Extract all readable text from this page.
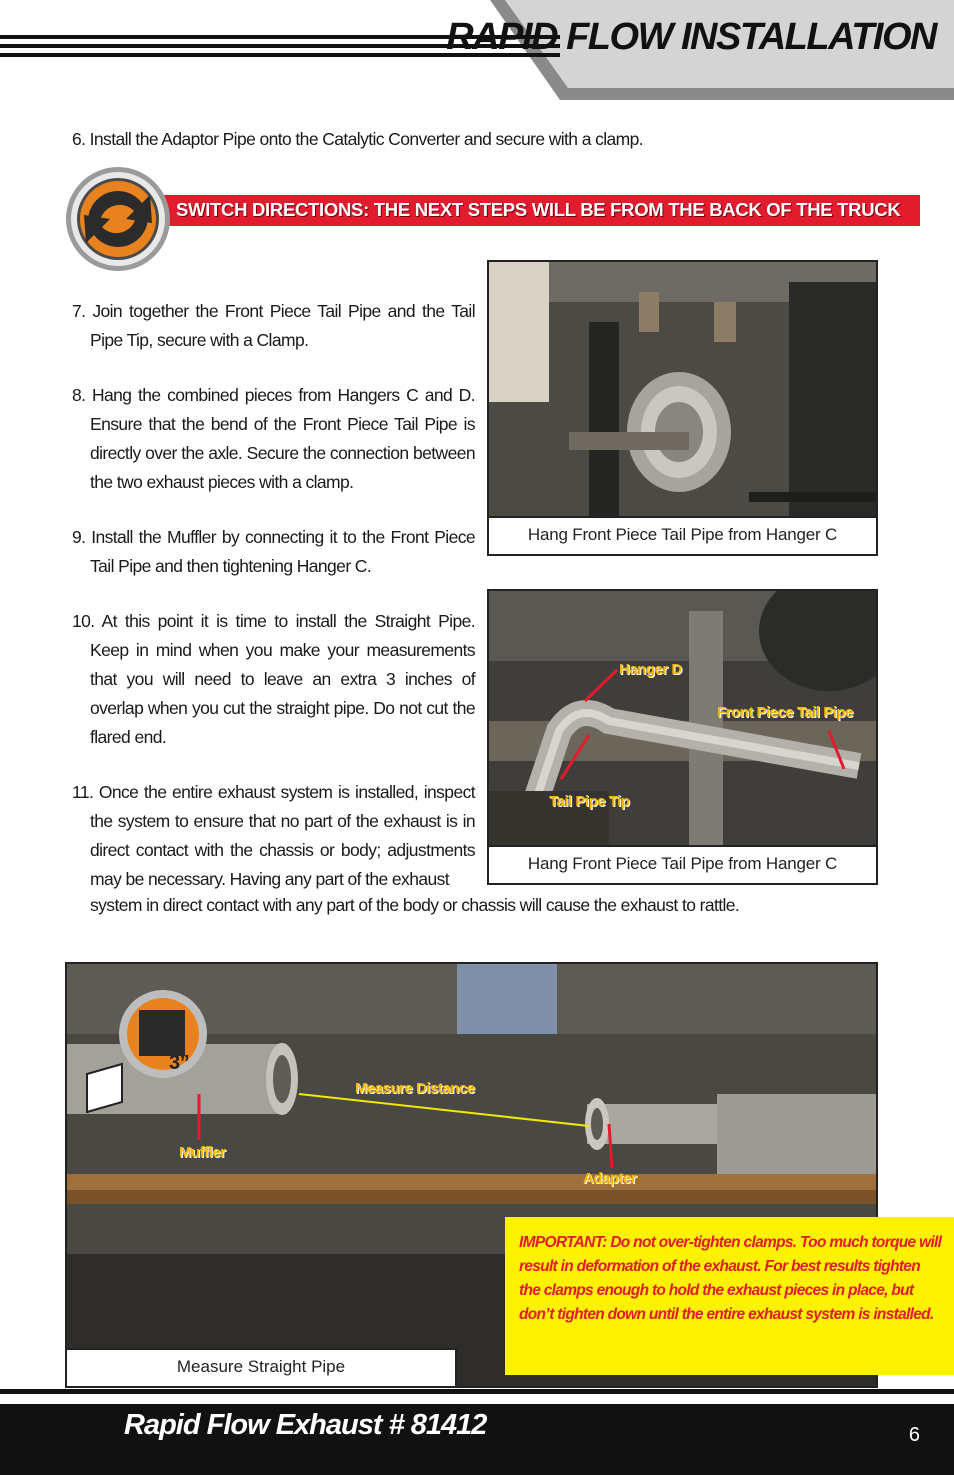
RAPID FLOW INSTALLATION
6. Install the Adaptor Pipe onto the Catalytic Converter and secure with a clamp.
SWITCH DIRECTIONS: THE NEXT STEPS WILL BE FROM THE BACK OF THE TRUCK

7. Join together the Front Piece Tail Pipe and the Tail Pipe Tip, secure with a Clamp.

8. Hang the combined pieces from Hangers C and D. Ensure that the bend of the Front Piece Tail Pipe is directly over the axle. Secure the connection between the two exhaust pieces with a clamp.

9. Install the Muffler by connecting it to the Front Piece Tail Pipe and then tightening Hanger C.

10. At this point it is time to install the Straight Pipe. Keep in mind when you make your measurements that you will need to leave an extra 3 inches of overlap when you cut the straight pipe. Do not cut the flared end.

11. Once the entire exhaust system is installed, inspect the system to ensure that no part of the exhaust is in direct contact with the chassis or body; adjustments may be necessary. Having any part of the exhaust

system in direct contact with any part of the body or chassis will cause the exhaust to rattle.
Hang Front Piece Tail Pipe from Hanger C
Hanger D
Front Piece Tail Pipe
Tail Pipe Tip
Hang Front Piece Tail Pipe from Hanger C
3”
Measure Distance
Muffler
Adapter
Measure Straight Pipe
IMPORTANT: Do not over-tighten clamps. Too much torque will result in deformation of the exhaust. For best results tighten the clamps enough to hold the exhaust pieces in place, but don’t tighten down until the entire exhaust system is installed.
Rapid Flow Exhaust # 81412	6
